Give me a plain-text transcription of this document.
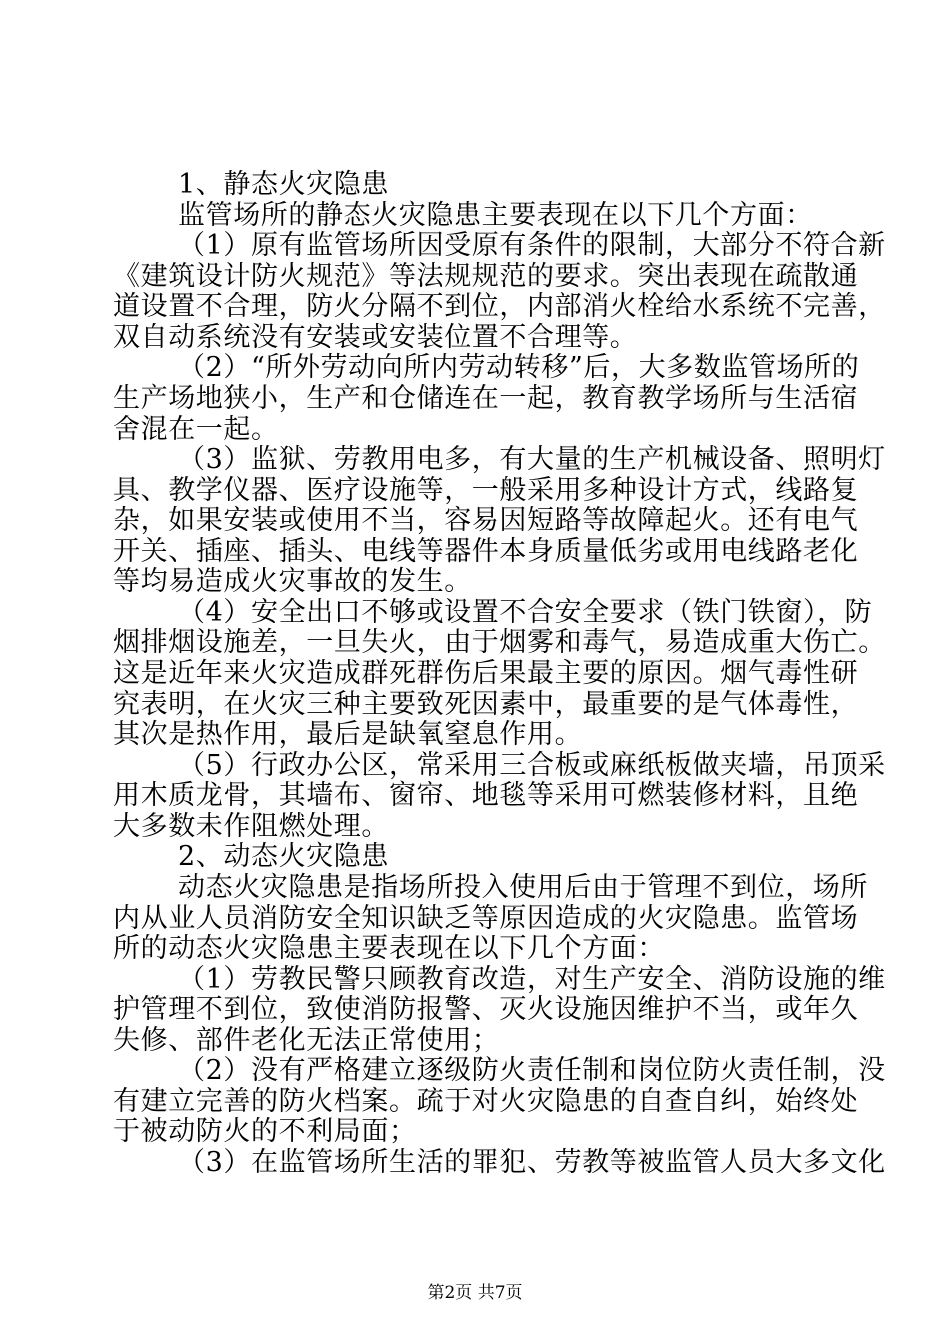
1、静态火灾隐患
监管场所的静态火灾隐患主要表现在以下几个方面：
（1）原有监管场所因受原有条件的限制，大部分不符合新
《建筑设计防火规范》等法规规范的要求。突出表现在疏散通
道设置不合理，防火分隔不到位，内部消火栓给水系统不完善，
双自动系统没有安装或安装位置不合理等。
（2）“所外劳动向所内劳动转移”后，大多数监管场所的
生产场地狭小，生产和仓储连在一起，教育教学场所与生活宿
舍混在一起。
（3）监狱、劳教用电多，有大量的生产机械设备、照明灯
具、教学仪器、医疗设施等，一般采用多种设计方式，线路复
杂，如果安装或使用不当，容易因短路等故障起火。还有电气
开关、插座、插头、电线等器件本身质量低劣或用电线路老化
等均易造成火灾事故的发生。
（4）安全出口不够或设置不合安全要求（铁门铁窗），防
烟排烟设施差，一旦失火，由于烟雾和毒气，易造成重大伤亡。
这是近年来火灾造成群死群伤后果最主要的原因。烟气毒性研
究表明，在火灾三种主要致死因素中，最重要的是气体毒性，
其次是热作用，最后是缺氧窒息作用。
（5）行政办公区，常采用三合板或麻纸板做夹墙，吊顶采
用木质龙骨，其墙布、窗帘、地毯等采用可燃装修材料，且绝
大多数未作阻燃处理。
2、动态火灾隐患
动态火灾隐患是指场所投入使用后由于管理不到位，场所
内从业人员消防安全知识缺乏等原因造成的火灾隐患。监管场
所的动态火灾隐患主要表现在以下几个方面：
（1）劳教民警只顾教育改造，对生产安全、消防设施的维
护管理不到位，致使消防报警、灭火设施因维护不当，或年久
失修、部件老化无法正常使用；
（2）没有严格建立逐级防火责任制和岗位防火责任制，没
有建立完善的防火档案。疏于对火灾隐患的自查自纠，始终处
于被动防火的不利局面；
（3）在监管场所生活的罪犯、劳教等被监管人员大多文化
第2页 共7页
